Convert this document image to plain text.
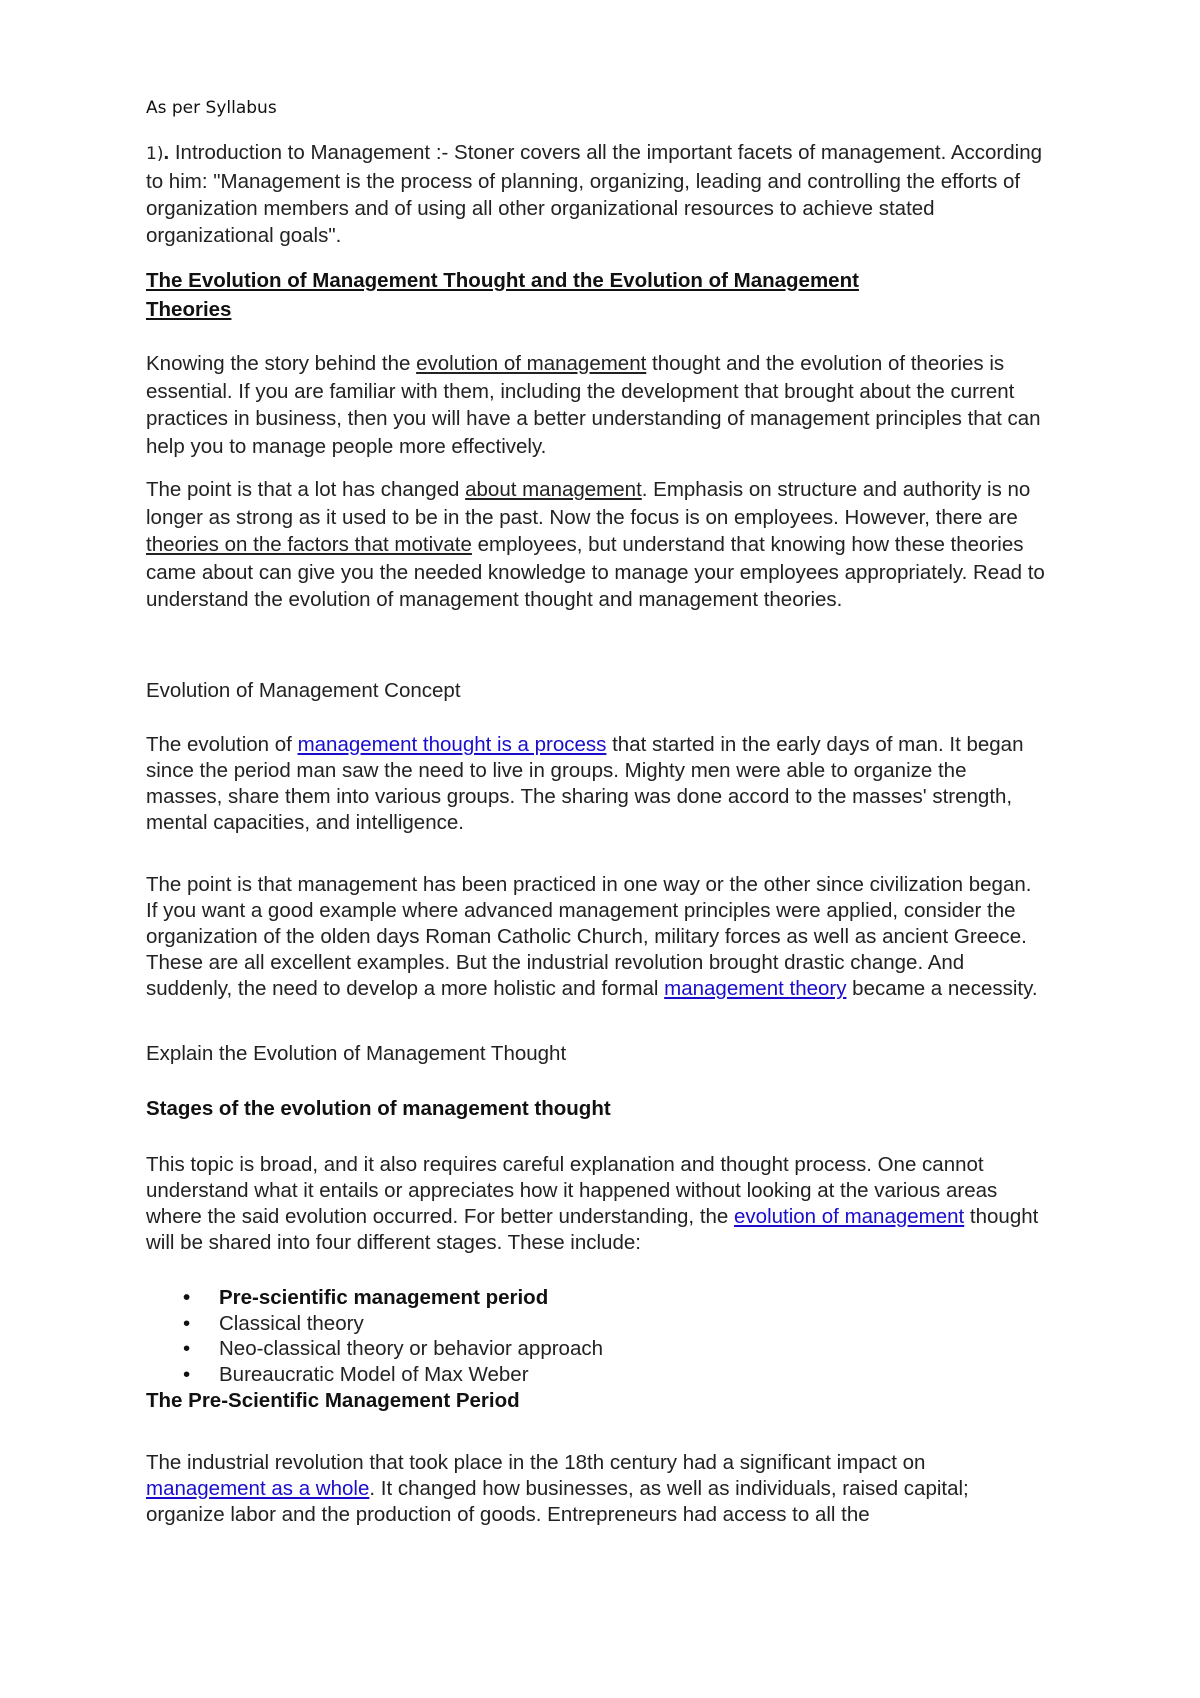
As per Syllabus

1). Introduction to Management :- Stoner covers all the important facets of management. According to him: "Management is the process of planning, organizing, leading and controlling the efforts of organization members and of using all other organizational resources to achieve stated organizational goals".

The Evolution of Management Thought and the Evolution of Management Theories

Knowing the story behind the evolution of management thought and the evolution of theories is essential. If you are familiar with them, including the development that brought about the current practices in business, then you will have a better understanding of management principles that can help you to manage people more effectively.

The point is that a lot has changed about management. Emphasis on structure and authority is no longer as strong as it used to be in the past. Now the focus is on employees. However, there are theories on the factors that motivate employees, but understand that knowing how these theories came about can give you the needed knowledge to manage your employees appropriately. Read to understand the evolution of management thought and management theories.

Evolution of Management Concept

The evolution of management thought is a process that started in the early days of man. It began since the period man saw the need to live in groups. Mighty men were able to organize the masses, share them into various groups. The sharing was done accord to the masses' strength, mental capacities, and intelligence.

The point is that management has been practiced in one way or the other since civilization began. If you want a good example where advanced management principles were applied, consider the organization of the olden days Roman Catholic Church, military forces as well as ancient Greece. These are all excellent examples. But the industrial revolution brought drastic change. And suddenly, the need to develop a more holistic and formal management theory became a necessity.

Explain the Evolution of Management Thought

Stages of the evolution of management thought

This topic is broad, and it also requires careful explanation and thought process. One cannot understand what it entails or appreciates how it happened without looking at the various areas where the said evolution occurred. For better understanding, the evolution of management thought will be shared into four different stages. These include:

• Pre-scientific management period
• Classical theory
• Neo-classical theory or behavior approach
• Bureaucratic Model of Max Weber

The Pre-Scientific Management Period

The industrial revolution that took place in the 18th century had a significant impact on management as a whole. It changed how businesses, as well as individuals, raised capital; organize labor and the production of goods. Entrepreneurs had access to all the
